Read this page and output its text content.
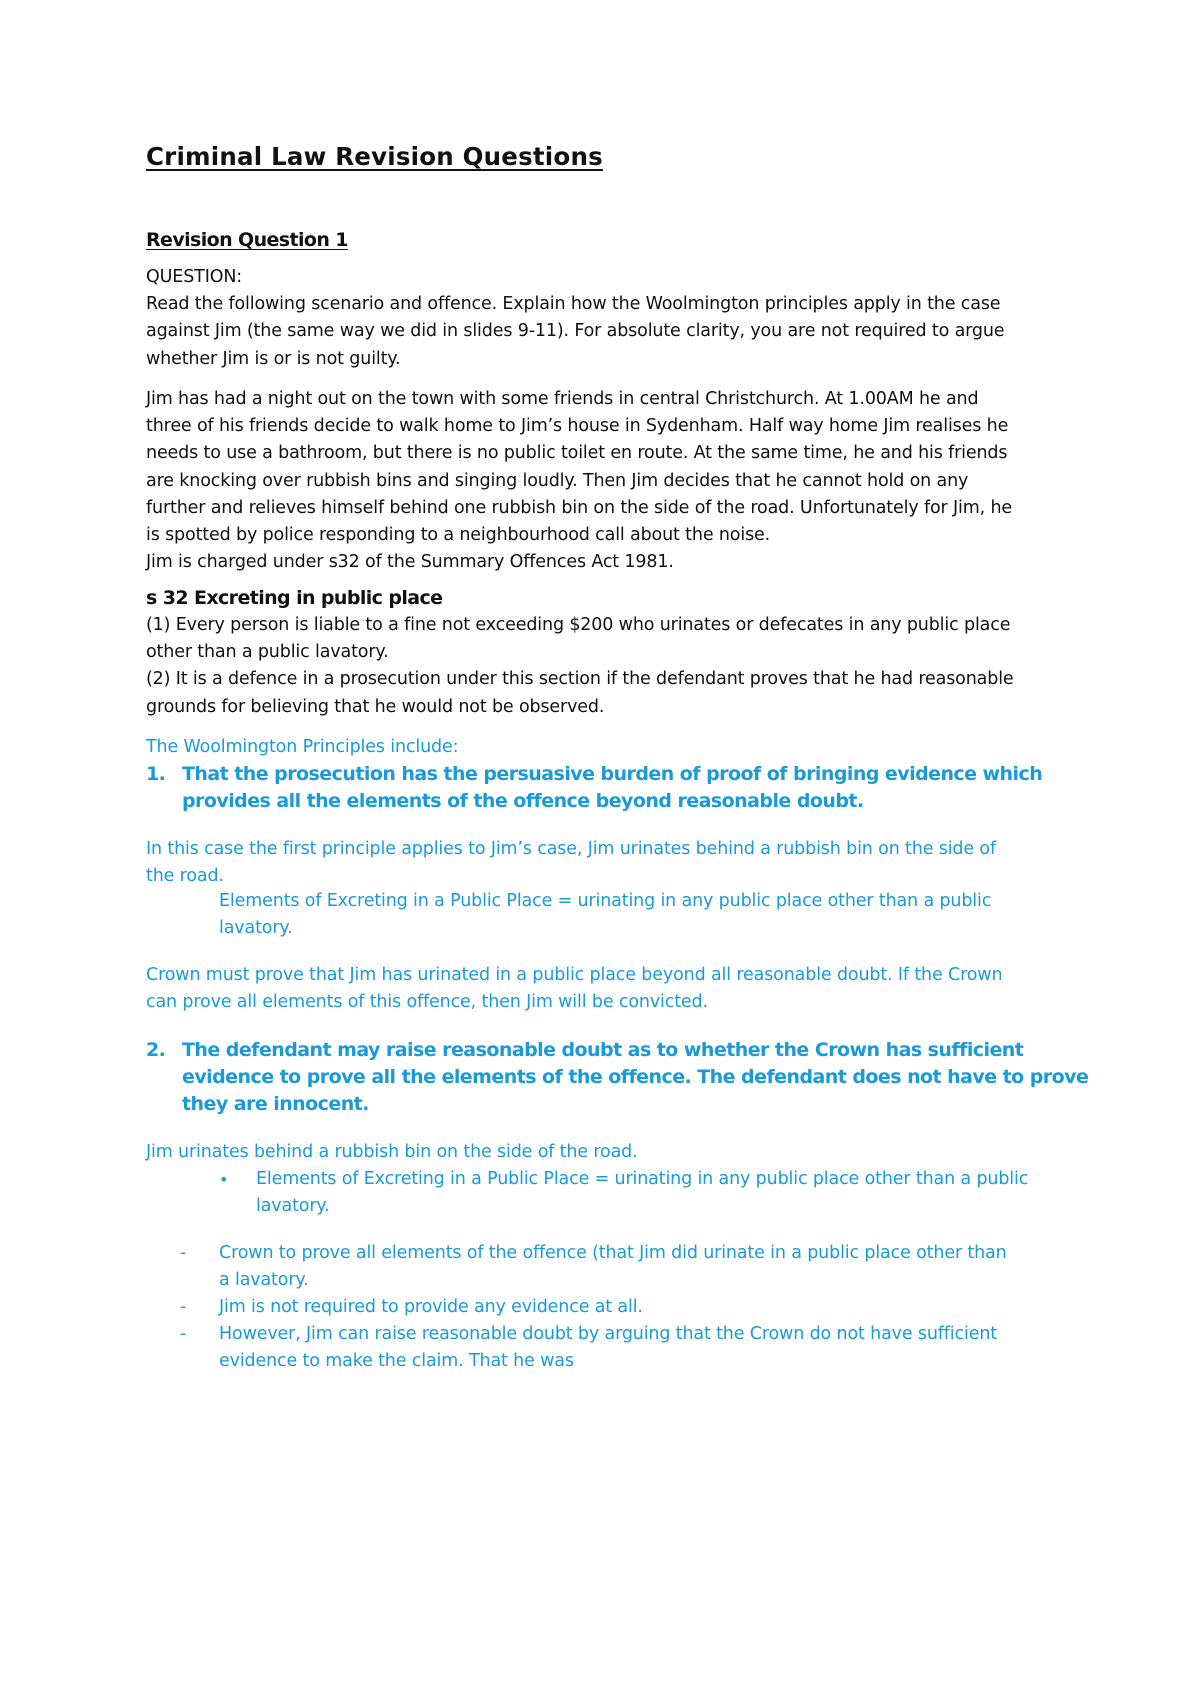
Criminal Law Revision Questions
Revision Question 1
QUESTION:
Read the following scenario and offence. Explain how the Woolmington principles apply in the case
against Jim (the same way we did in slides 9-11). For absolute clarity, you are not required to argue
whether Jim is or is not guilty.
Jim has had a night out on the town with some friends in central Christchurch. At 1.00AM he and
three of his friends decide to walk home to Jim’s house in Sydenham. Half way home Jim realises he
needs to use a bathroom, but there is no public toilet en route. At the same time, he and his friends
are knocking over rubbish bins and singing loudly. Then Jim decides that he cannot hold on any
further and relieves himself behind one rubbish bin on the side of the road. Unfortunately for Jim, he
is spotted by police responding to a neighbourhood call about the noise.
Jim is charged under s32 of the Summary Offences Act 1981.
s 32 Excreting in public place
(1) Every person is liable to a fine not exceeding $200 who urinates or defecates in any public place
other than a public lavatory.
(2) It is a defence in a prosecution under this section if the defendant proves that he had reasonable
grounds for believing that he would not be observed.
The Woolmington Principles include:
1. That the prosecution has the persuasive burden of proof of bringing evidence which
provides all the elements of the offence beyond reasonable doubt.
In this case the first principle applies to Jim’s case, Jim urinates behind a rubbish bin on the side of
the road.
Elements of Excreting in a Public Place = urinating in any public place other than a public
lavatory.
Crown must prove that Jim has urinated in a public place beyond all reasonable doubt. If the Crown
can prove all elements of this offence, then Jim will be convicted.
2. The defendant may raise reasonable doubt as to whether the Crown has sufficient
evidence to prove all the elements of the offence. The defendant does not have to prove
they are innocent.
Jim urinates behind a rubbish bin on the side of the road.
• Elements of Excreting in a Public Place = urinating in any public place other than a public
lavatory.
- Crown to prove all elements of the offence (that Jim did urinate in a public place other than
a lavatory.
- Jim is not required to provide any evidence at all.
- However, Jim can raise reasonable doubt by arguing that the Crown do not have sufficient
evidence to make the claim. That he was
